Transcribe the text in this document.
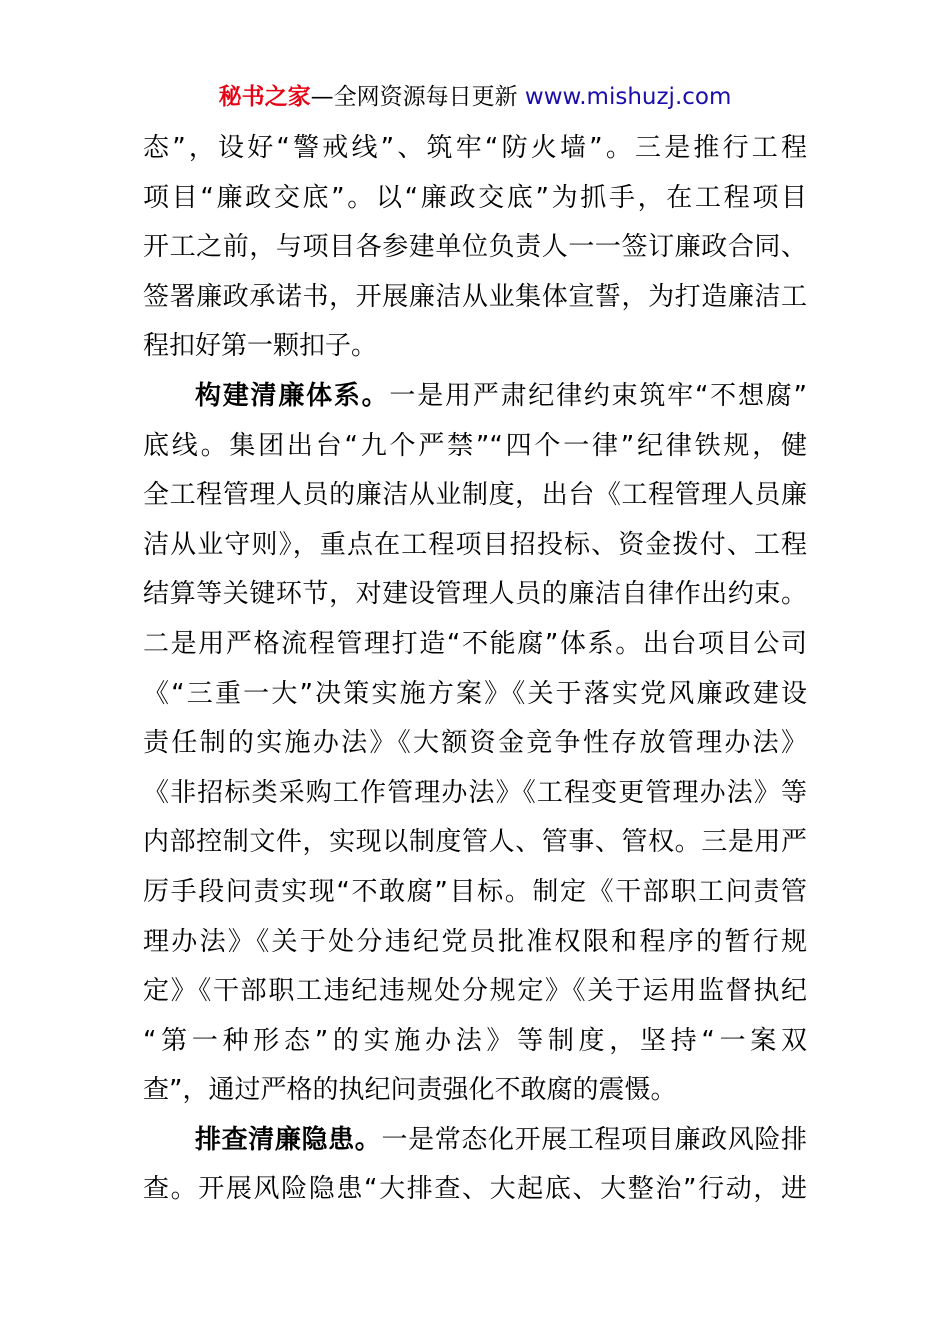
秘书之家—全网资源每日更新 www.mishuzj.com
态”，设好“警戒线”、筑牢“防火墙”。三是推行工程
项目“廉政交底”。以“廉政交底”为抓手，在工程项目
开工之前，与项目各参建单位负责人一一签订廉政合同、
签署廉政承诺书，开展廉洁从业集体宣誓，为打造廉洁工
程扣好第一颗扣子。
构建清廉体系。一是用严肃纪律约束筑牢“不想腐”
底线。集团出台“九个严禁”“四个一律”纪律铁规，健
全工程管理人员的廉洁从业制度，出台《工程管理人员廉
洁从业守则》，重点在工程项目招投标、资金拨付、工程
结算等关键环节，对建设管理人员的廉洁自律作出约束。
二是用严格流程管理打造“不能腐”体系。出台项目公司
《“三重一大”决策实施方案》《关于落实党风廉政建设
责任制的实施办法》《大额资金竞争性存放管理办法》
《非招标类采购工作管理办法》《工程变更管理办法》等
内部控制文件，实现以制度管人、管事、管权。三是用严
厉手段问责实现“不敢腐”目标。制定《干部职工问责管
理办法》《关于处分违纪党员批准权限和程序的暂行规
定》《干部职工违纪违规处分规定》《关于运用监督执纪
“第一种形态”的实施办法》等制度，坚持“一案双
查”，通过严格的执纪问责强化不敢腐的震慑。
排查清廉隐患。一是常态化开展工程项目廉政风险排
查。开展风险隐患“大排查、大起底、大整治”行动，进
